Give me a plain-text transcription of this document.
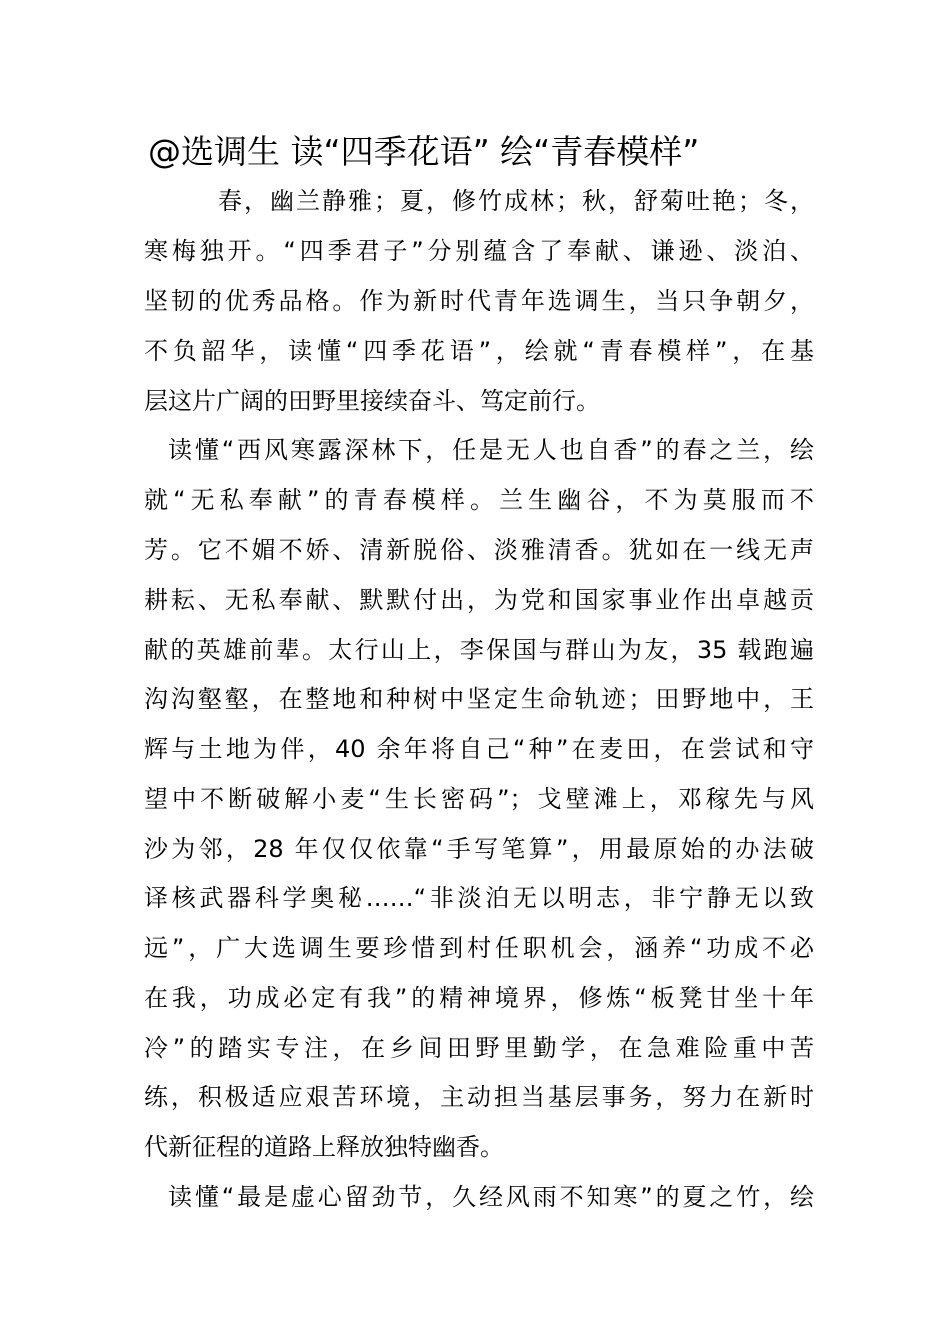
@选调生 读“四季花语” 绘“青春模样”
春，幽兰静雅；夏，修竹成林；秋，舒菊吐艳；冬，
寒梅独开。“四季君子”分别蕴含了奉献、谦逊、淡泊、
坚韧的优秀品格。作为新时代青年选调生，当只争朝夕，
不负韶华，读懂“四季花语”，绘就“青春模样”，在基
层这片广阔的田野里接续奋斗、笃定前行。
读懂“西风寒露深林下，任是无人也自香”的春之兰，绘
就“无私奉献”的青春模样。兰生幽谷，不为莫服而不
芳。它不媚不娇、清新脱俗、淡雅清香。犹如在一线无声
耕耘、无私奉献、默默付出，为党和国家事业作出卓越贡
献的英雄前辈。太行山上，李保国与群山为友，35 载跑遍
沟沟壑壑，在整地和种树中坚定生命轨迹；田野地中，王
辉与土地为伴，40 余年将自己“种”在麦田，在尝试和守
望中不断破解小麦“生长密码”；戈壁滩上，邓稼先与风
沙为邻，28 年仅仅依靠“手写笔算”，用最原始的办法破
译核武器科学奥秘……“非淡泊无以明志，非宁静无以致
远”，广大选调生要珍惜到村任职机会，涵养“功成不必
在我，功成必定有我”的精神境界，修炼“板凳甘坐十年
冷”的踏实专注，在乡间田野里勤学，在急难险重中苦
练，积极适应艰苦环境，主动担当基层事务，努力在新时
代新征程的道路上释放独特幽香。
读懂“最是虚心留劲节，久经风雨不知寒”的夏之竹，绘
